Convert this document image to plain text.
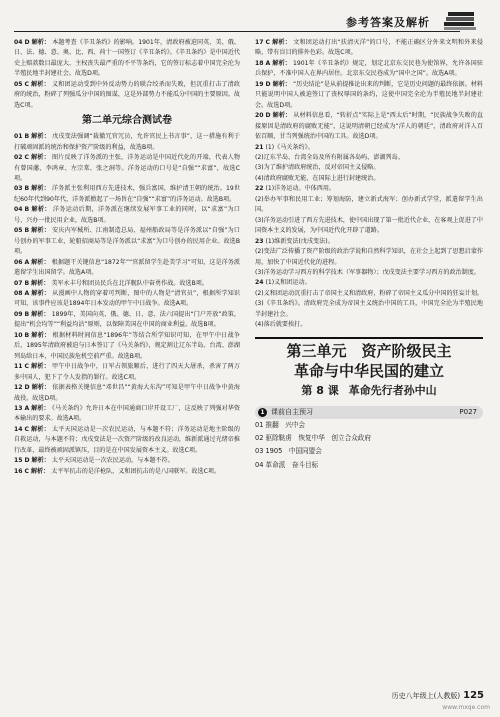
参考答案及解析

04 D 解析： 本题考查《辛丑条约》的影响。1901年，清政府被迫同英、美、俄、日、法、德、意、奥、比、西、荷十一国签订《辛丑条约》。《辛丑条约》是中国近代史上赔款数目最庞大、主权丧失最严重的不平等条约，它的签订标志着中国完全沦为半殖民地半封建社会。故选D项。

05 C 解析： 义和团运动受到中外反动势力的联合绞杀而失败，但沉重打击了清政府的统治，粉碎了列强瓜分中国的图谋，这是外部势力不能瓜分中国的主要原因。故选C项。

第二单元综合测试卷

01 B 解析： 戊戌变法强调“裁撤冗官冗员，允许官民上书言事”，这一措施有利于打破顽固派的统治和保护资产阶级的利益，故选B项。

02 C 解析： 图片反映了洋务派的主张，洋务运动是中国近代化的开端，代表人物有曾国藩、李鸿章、左宗棠、张之洞等。洋务运动的口号是“自强”“求富”，故选C项。

03 B 解析： 洋务派主张利用西方先进技术，强兵富国，维护清王朝的统治。19世纪60年代到90年代，洋务派掀起了一场旨在“自强”“求富”的洋务运动。故选B项。

04 B 解析： 洋务运动后期，洋务派在继续发展军事工业的同时，以“求富”为口号，兴办一批民用企业，故选B项。

05 B 解析： 安庆内军械所、江南制造总局、福州船政局等是洋务派以“自强”为口号创办的军事工业，轮船招商局等是洋务派以“求富”为口号创办的民用企业。故选B项。

06 A 解析： 根据题干关键信息“1872年”“官派留学生赴美学习”可知，这是洋务派遣留学生出国留学。故选A项。

07 B 解析： 美军永丰号和团员民兵在北洋舰队中奋勇作战。故选B项。

08 A 解析： 从漫画中人物的穿着可判断，图中的人物是“清官员”，根据所学知识可知，该事件应该是1894年日本发动的甲午中日战争。故选A项。

09 B 解析： 1899年，美国向英、俄、德、日、意、法六国提出“门户开放”政策，提出“机会均等”“利益均沾”原则，以保障美国在中国的商业利益。故选B项。

10 B 解析： 根据材料时间信息“1896年”等结合所学知识可知，在甲午中日战争后，1895年清政府被迫与日本签订了《马关条约》，规定割让辽东半岛、台湾、澎湖列岛给日本，中国民族危机空前严重。故选B项。

11 C 解析： 甲午中日战争中，日军占领旅顺后，进行了四天大屠杀，杀害了两万多中国人，犯下了令人发指的罪行。故选C项。

12 D 解析： 依据表格关键信息“邓世昌”“黄海大东沟”可知是甲午中日战争中黄海战役。故选D项。

13 A 解析： 《马关条约》允许日本在中国通商口岸开设工厂，这反映了列强对华资本输出的要求。故选A项。

14 C 解析： 太平天国运动是一次农民运动，与本题不符；洋务运动是地主阶级的自救运动，与本题不符；戊戌变法是一次资产阶级的改良运动，维新派通过光绪帝推行改革，最终被顽固派镇压，目的是在中国发展资本主义。故选C项。

15 D 解析： 太平天国运动是一次农民运动，与本题不符。

16 C 解析： 太平军抗击的是洋枪队，义和团抗击的是八国联军。故选C项。

17 C 解析： 文和团运动打出“扶清灭洋”的口号，不能正确区分外来文明和外来侵略，带有盲目的排外色彩。故选C项。

18 A 解析： 1901年《辛丑条约》规定，划定北京东交民巷为使馆界，允许各国驻兵保护，不准中国人在界内居住。北京东交民巷成为“国中之国”。故选A项。

19 D 解析： “历史结论”是从前提推论出来的判断，它是历史问题的最终依据。材料只能说明中国人被迫签订了丧权辱国的条约，这使中国完全沦为半殖民地半封建社会。故选D项。

20 D 解析： 从材料信息看，“转折点”实际上是“西太后”时期，“民族战争失败的直接原因是清政府的腐败无能”，这说明清朝已经成为“洋人的朝廷”，清政府对洋人百依百顺，甘当列强统治中国的工具。故选D项。

21 (1)《马关条约》。

(2)辽东半岛、台湾全岛及所有附属各岛屿、澎湖列岛。

(3)为了维护清政府统治，反对帝国主义侵略。

(4)清政府腐败无能，在国际上进行封建统治。

22 (1)洋务运动。中体西用。

(2)举办军事和民用工业；筹划海防，建立新式海军；创办新式学堂，派遣留学生出国。

(3)洋务运动引进了西方先进技术，使中国出现了第一批近代企业，在客观上促进了中国资本主义的发展，为中国近代化开辟了道路。

23 (1)维新变法(戊戌变法)。

(2)变法广泛传播了资产阶级的政治学说和自然科学知识，在社会上起到了思想启蒙作用，加快了中国近代化的进程。

(3)洋务运动学习西方的科学技术（军事器物）；戊戌变法主要学习西方的政治制度。

24 (1)义和团运动。

(2)义和团运动沉重打击了帝国主义和清政府，粉碎了帝国主义瓜分中国的狂妄计划。

(3)《辛丑条约》。清政府完全成为帝国主义统治中国的工具，中国完全沦为半殖民地半封建社会。

(4)落后就要挨打。

第三单元　资产阶级民主
革命与中华民国的建立
第 8 课 革命先行者孙中山
1 课前自主预习	P027
01 推翻　兴中会
02 驱除鞑虏　恢复中华　创立合众政府
03 1905　中国同盟会
04 革命派　奋斗目标
历史八年级上(人教版) 125
www.mxqe.com
